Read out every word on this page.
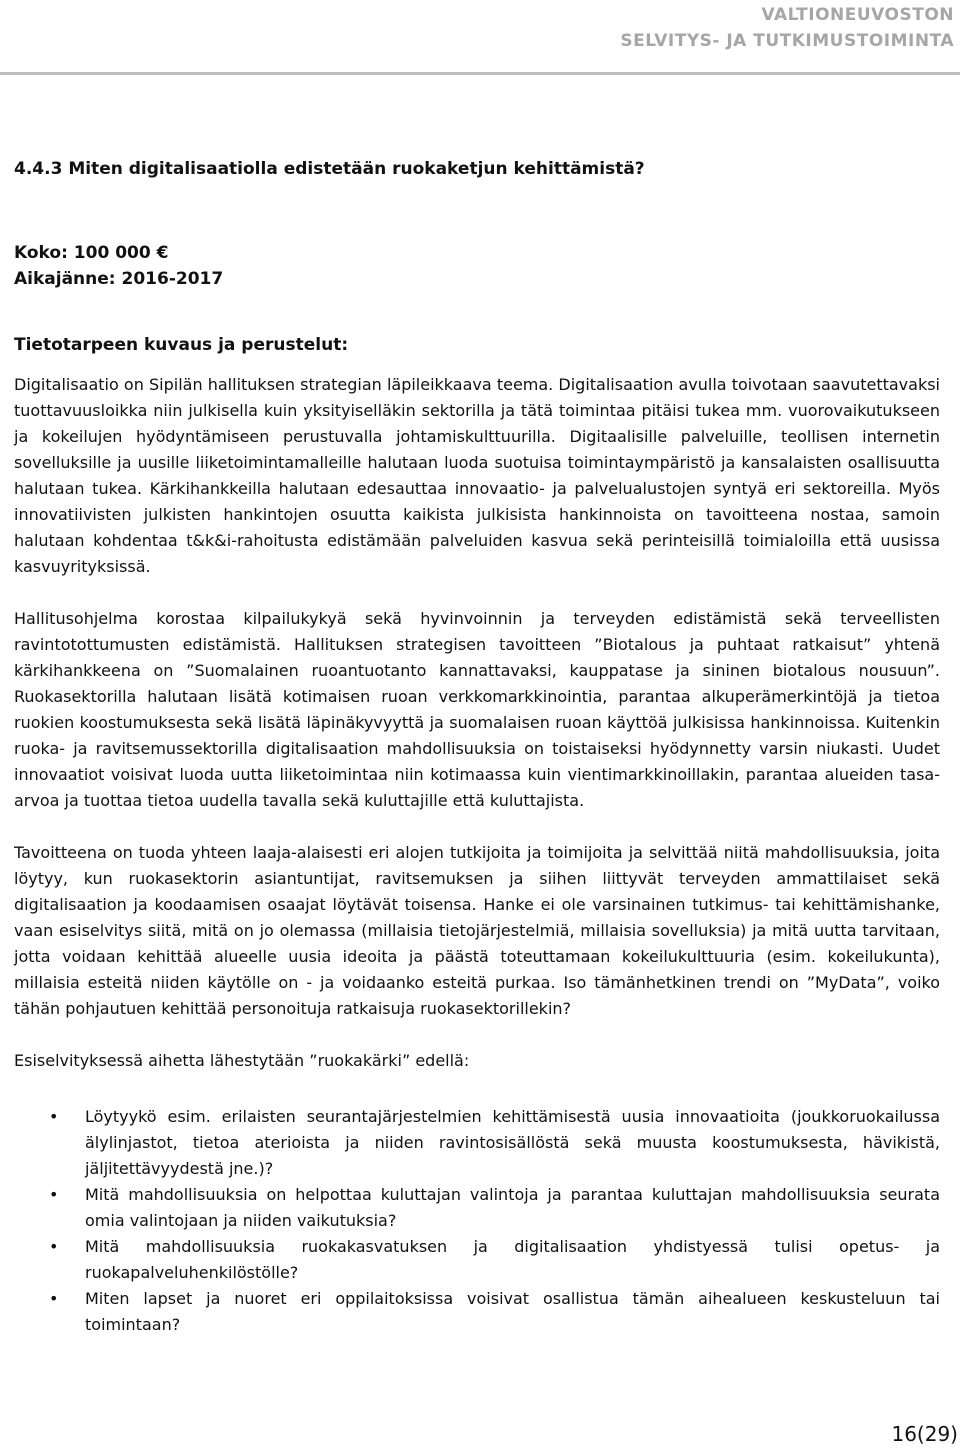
VALTIONEUVOSTON
SELVITYS- JA TUTKIMUSTOIMINTA
4.4.3 Miten digitalisaatiolla edistetään ruokaketjun kehittämistä?
Koko: 100 000 €
Aikajänne: 2016-2017
Tietotarpeen kuvaus ja perustelut:

Digitalisaatio on Sipilän hallituksen strategian läpileikkaava teema. Digitalisaation avulla toivotaan saavutettavaksi tuottavuusloikka niin julkisella kuin yksityiselläkin sektorilla ja tätä toimintaa pitäisi tukea mm. vuorovaikutukseen ja kokeilujen hyödyntämiseen perustuvalla johtamiskulttuurilla. Digitaalisille palveluille, teollisen internetin sovelluksille ja uusille liiketoimintamalleille halutaan luoda suotuisa toimintaympäristö ja kansalaisten osallisuutta halutaan tukea. Kärkihankkeilla halutaan edesauttaa innovaatio- ja palvelualustojen syntyä eri sektoreilla. Myös innovatiivisten julkisten hankintojen osuutta kaikista julkisista hankinnoista on tavoitteena nostaa, samoin halutaan kohdentaa t&k&i-rahoitusta edistämään palveluiden kasvua sekä perinteisillä toimialoilla että uusissa kasvuyrityksissä.

Hallitusohjelma korostaa kilpailukykyä sekä hyvinvoinnin ja terveyden edistämistä sekä terveellisten ravintotottumusten edistämistä. Hallituksen strategisen tavoitteen ”Biotalous ja puhtaat ratkaisut” yhtenä kärkihankkeena on ”Suomalainen ruoantuotanto kannattavaksi, kauppatase ja sininen biotalous nousuun”. Ruokasektorilla halutaan lisätä kotimaisen ruoan verkkomarkkinointia, parantaa alkuperämerkintöjä ja tietoa ruokien koostumuksesta sekä lisätä läpinäkyvyyttä ja suomalaisen ruoan käyttöä julkisissa hankinnoissa. Kuitenkin ruoka- ja ravitsemussektorilla digitalisaation mahdollisuuksia on toistaiseksi hyödynnetty varsin niukasti. Uudet innovaatiot voisivat luoda uutta liiketoimintaa niin kotimaassa kuin vientimarkkinoillakin, parantaa alueiden tasa-arvoa ja tuottaa tietoa uudella tavalla sekä kuluttajille että kuluttajista.

Tavoitteena on tuoda yhteen laaja-alaisesti eri alojen tutkijoita ja toimijoita ja selvittää niitä mahdollisuuksia, joita löytyy, kun ruokasektorin asiantuntijat, ravitsemuksen ja siihen liittyvät terveyden ammattilaiset sekä digitalisaation ja koodaamisen osaajat löytävät toisensa. Hanke ei ole varsinainen tutkimus- tai kehittämishanke, vaan esiselvitys siitä, mitä on jo olemassa (millaisia tietojärjestelmiä, millaisia sovelluksia) ja mitä uutta tarvitaan, jotta voidaan kehittää alueelle uusia ideoita ja päästä toteuttamaan kokeilukulttuuria (esim. kokeilukunta), millaisia esteitä niiden käytölle on - ja voidaanko esteitä purkaa. Iso tämänhetkinen trendi on ”MyData”, voiko tähän pohjautuen kehittää personoituja ratkaisuja ruokasektorillekin?

Esiselvityksessä aihetta lähestytään ”ruokakärki” edellä:

• Löytyykö esim. erilaisten seurantajärjestelmien kehittämisestä uusia innovaatioita (joukkoruokailussa älylinjastot, tietoa aterioista ja niiden ravintosisällöstä sekä muusta koostumuksesta, hävikistä, jäljitettävyydestä jne.)?
• Mitä mahdollisuuksia on helpottaa kuluttajan valintoja ja parantaa kuluttajan mahdollisuuksia seurata omia valintojaan ja niiden vaikutuksia?
• Mitä mahdollisuuksia ruokakasvatuksen ja digitalisaation yhdistyessä tulisi opetus- ja ruokapalveluhenkilöstölle?
• Miten lapset ja nuoret eri oppilaitoksissa voisivat osallistua tämän aihealueen keskusteluun tai toimintaan?
16(29)
